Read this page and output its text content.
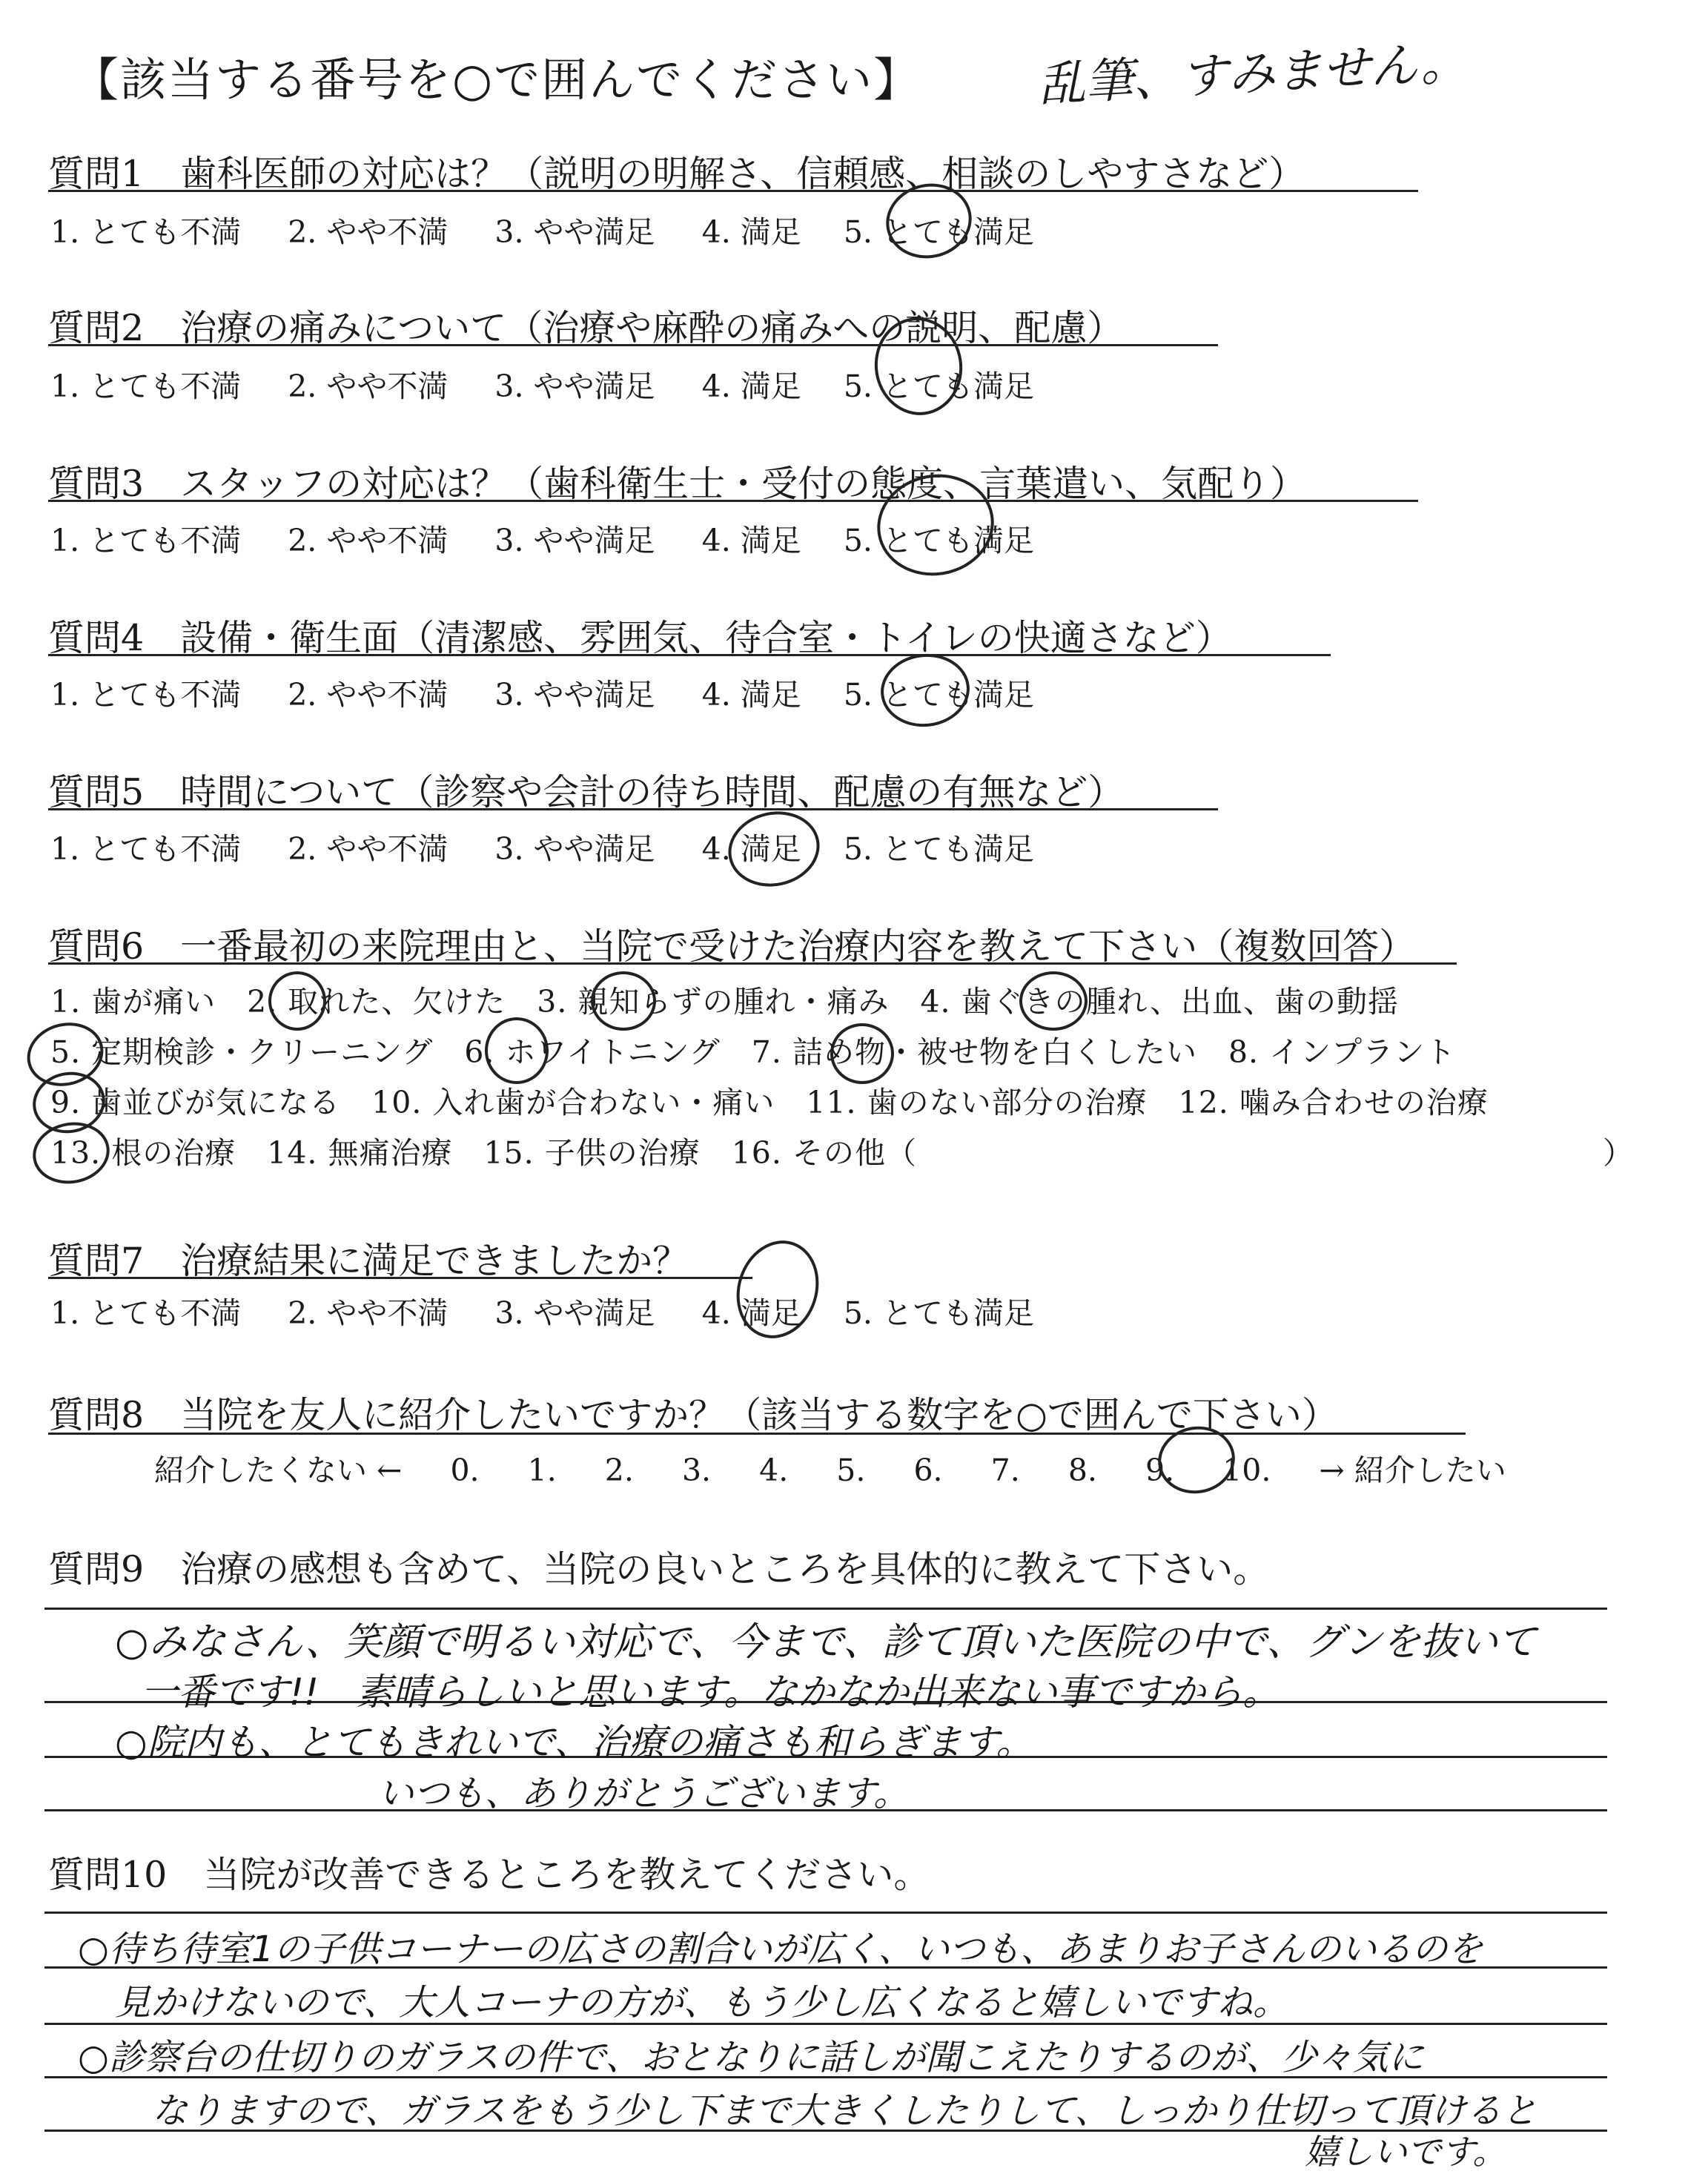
【該当する番号を○で囲んでください】 乱筆、すみません。
質問1　歯科医師の対応は？（説明の明解さ、信頼感、相談のしやすさなど）
1. とても不満 2. やや不満 3. やや満足 4. 満足 5. とても満足
質問2　治療の痛みについて（治療や麻酔の痛みへの説明、配慮）
1. とても不満 2. やや不満 3. やや満足 4. 満足 5. とても満足
質問3　スタッフの対応は？（歯科衛生士・受付の態度、言葉遣い、気配り）
1. とても不満 2. やや不満 3. やや満足 4. 満足 5. とても満足
質問4　設備・衛生面（清潔感、雰囲気、待合室・トイレの快適さなど）
1. とても不満 2. やや不満 3. やや満足 4. 満足 5. とても満足
質問5　時間について（診察や会計の待ち時間、配慮の有無など）
1. とても不満 2. やや不満 3. やや満足 4. 満足 5. とても満足
質問6　一番最初の来院理由と、当院で受けた治療内容を教えて下さい（複数回答）
1. 歯が痛い　2. 取れた、欠けた　3. 親知らずの腫れ・痛み　4. 歯ぐきの腫れ、出血、歯の動揺
5. 定期検診・クリーニング　6. ホワイトニング　7. 詰め物・被せ物を白くしたい　8. インプラント
9. 歯並びが気になる　10. 入れ歯が合わない・痛い　11. 歯のない部分の治療　12. 噛み合わせの治療
13. 根の治療　14. 無痛治療　15. 子供の治療　16. その他（	）
質問7　治療結果に満足できましたか？
1. とても不満 2. やや不満 3. やや満足 4. 満足 5. とても満足
質問8　当院を友人に紹介したいですか？（該当する数字を○で囲んで下さい）
紹介したくない ← 0. 1. 2. 3. 4. 5. 6. 7. 8. 9. 10. → 紹介したい
質問9　治療の感想も含めて、当院の良いところを具体的に教えて下さい。
○みなさん、笑顔で明るい対応で、今まで、診て頂いた医院の中で、グンを抜いて
一番です!!　素晴らしいと思います。なかなか出来ない事ですから。
○院内も、とてもきれいで、治療の痛さも和らぎます。
いつも、ありがとうございます。
質問10　当院が改善できるところを教えてください。
○待ち待室1の子供コーナーの広さの割合いが広く、いつも、あまりお子さんのいるのを
見かけないので、大人コーナの方が、もう少し広くなると嬉しいですね。
○診察台の仕切りのガラスの件で、おとなりに話しが聞こえたりするのが、少々気に
なりますので、ガラスをもう少し下まで大きくしたりして、しっかり仕切って頂けると
嬉しいです。
